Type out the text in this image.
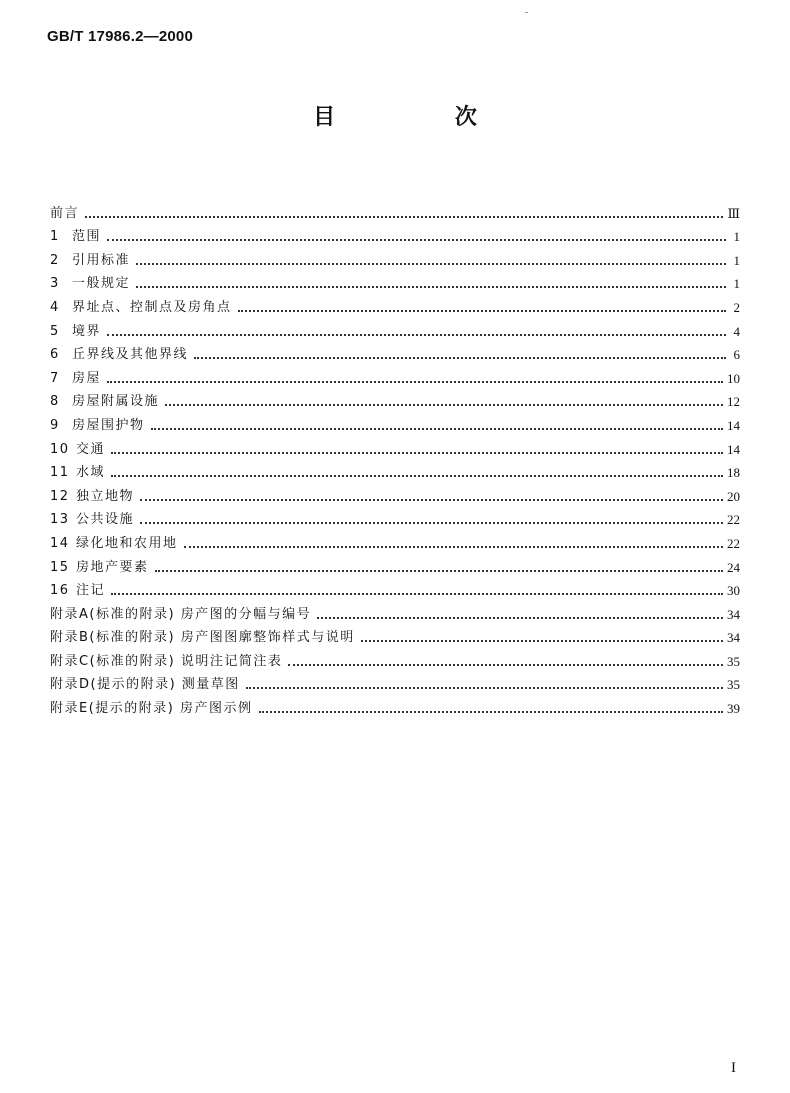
GB/T 17986.2—2000
目 次
前言	Ⅲ
1 范围	1
2 引用标准	1
3 一般规定	1
4 界址点、控制点及房角点	2
5 境界	4
6 丘界线及其他界线	6
7 房屋	10
8 房屋附属设施	12
9 房屋围护物	14
10 交通	14
11 水域	18
12 独立地物	20
13 公共设施	22
14 绿化地和农用地	22
15 房地产要素	24
16 注记	30
附录A(标准的附录) 房产图的分幅与编号	34
附录B(标准的附录) 房产图图廓整饰样式与说明	34
附录C(标准的附录) 说明注记简注表	35
附录D(提示的附录) 测量草图	35
附录E(提示的附录) 房产图示例	39
I
